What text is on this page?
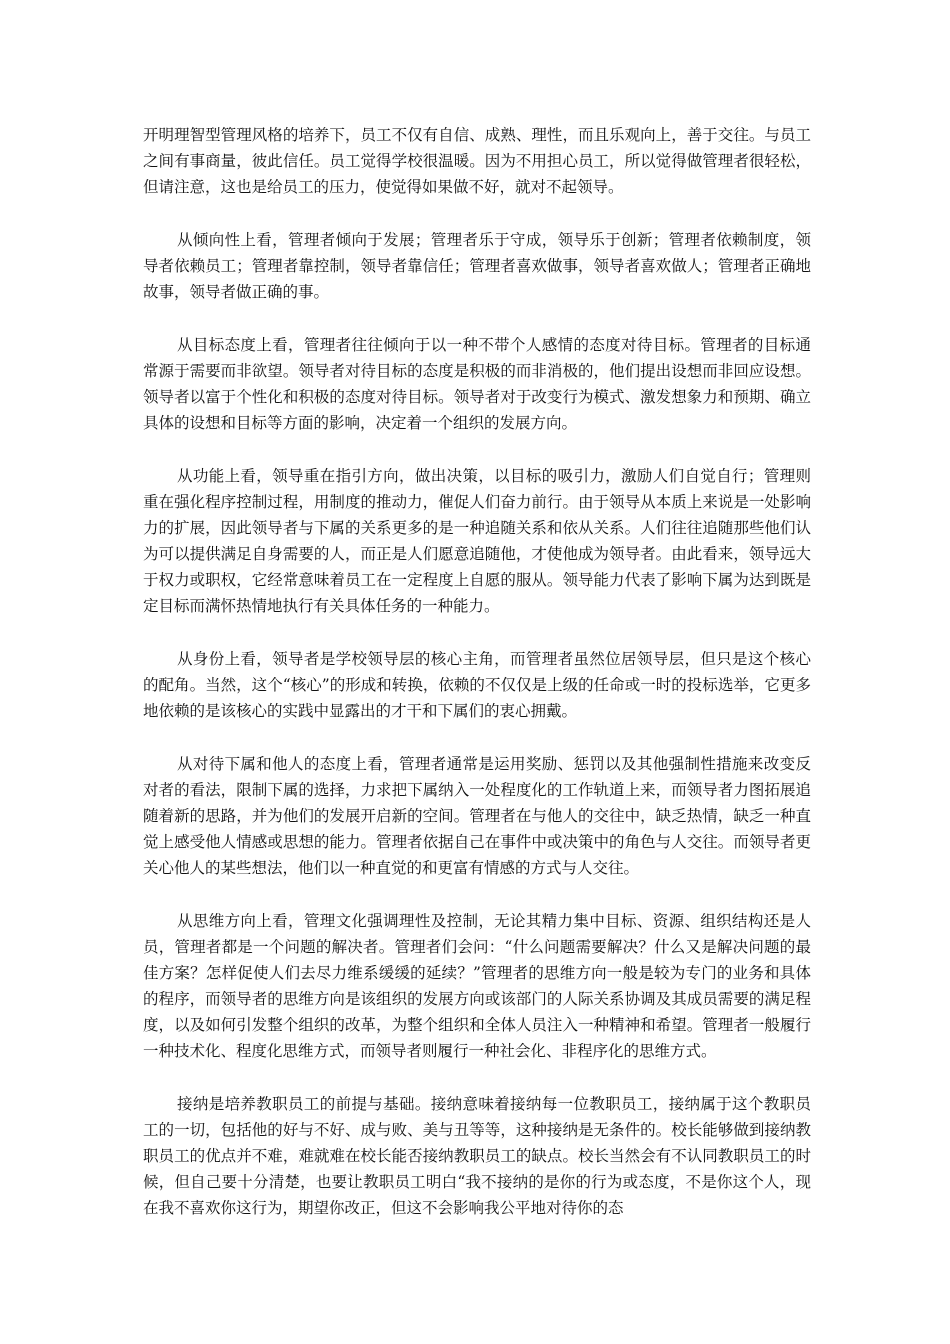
开明理智型管理风格的培养下，员工不仅有自信、成熟、理性，而且乐观向上，善于交往。与员工之间有事商量，彼此信任。员工觉得学校很温暖。因为不用担心员工，所以觉得做管理者很轻松，但请注意，这也是给员工的压力，使觉得如果做不好，就对不起领导。

从倾向性上看，管理者倾向于发展；管理者乐于守成，领导乐于创新；管理者依赖制度，领导者依赖员工；管理者靠控制，领导者靠信任；管理者喜欢做事，领导者喜欢做人；管理者正确地故事，领导者做正确的事。

从目标态度上看，管理者往往倾向于以一种不带个人感情的态度对待目标。管理者的目标通常源于需要而非欲望。领导者对待目标的态度是积极的而非消极的，他们提出设想而非回应设想。领导者以富于个性化和积极的态度对待目标。领导者对于改变行为模式、激发想象力和预期、确立具体的设想和目标等方面的影响，决定着一个组织的发展方向。

从功能上看，领导重在指引方向，做出决策，以目标的吸引力，激励人们自觉自行；管理则重在强化程序控制过程，用制度的推动力，催促人们奋力前行。由于领导从本质上来说是一处影响力的扩展，因此领导者与下属的关系更多的是一种追随关系和依从关系。人们往往追随那些他们认为可以提供满足自身需要的人，而正是人们愿意追随他，才使他成为领导者。由此看来，领导远大于权力或职权，它经常意味着员工在一定程度上自愿的服从。领导能力代表了影响下属为达到既是定目标而满怀热情地执行有关具体任务的一种能力。

从身份上看，领导者是学校领导层的核心主角，而管理者虽然位居领导层，但只是这个核心的配角。当然，这个“核心”的形成和转换，依赖的不仅仅是上级的任命或一时的投标选举，它更多地依赖的是该核心的实践中显露出的才干和下属们的衷心拥戴。

从对待下属和他人的态度上看，管理者通常是运用奖励、惩罚以及其他强制性措施来改变反对者的看法，限制下属的选择，力求把下属纳入一处程度化的工作轨道上来，而领导者力图拓展追随着新的思路，并为他们的发展开启新的空间。管理者在与他人的交往中，缺乏热情，缺乏一种直觉上感受他人情感或思想的能力。管理者依据自己在事件中或决策中的角色与人交往。而领导者更关心他人的某些想法，他们以一种直觉的和更富有情感的方式与人交往。

从思维方向上看，管理文化强调理性及控制，无论其精力集中目标、资源、组织结构还是人员，管理者都是一个问题的解决者。管理者们会问：“什么问题需要解决？什么又是解决问题的最佳方案？怎样促使人们去尽力维系缓缓的延续？”管理者的思维方向一般是较为专门的业务和具体的程序，而领导者的思维方向是该组织的发展方向或该部门的人际关系协调及其成员需要的满足程度，以及如何引发整个组织的改革，为整个组织和全体人员注入一种精神和希望。管理者一般履行一种技术化、程度化思维方式，而领导者则履行一种社会化、非程序化的思维方式。

接纳是培养教职员工的前提与基础。接纳意味着接纳每一位教职员工，接纳属于这个教职员工的一切，包括他的好与不好、成与败、美与丑等等，这种接纳是无条件的。校长能够做到接纳教职员工的优点并不难，难就难在校长能否接纳教职员工的缺点。校长当然会有不认同教职员工的时候，但自己要十分清楚，也要让教职员工明白“我不接纳的是你的行为或态度，不是你这个人，现在我不喜欢你这行为，期望你改正，但这不会影响我公平地对待你的态
